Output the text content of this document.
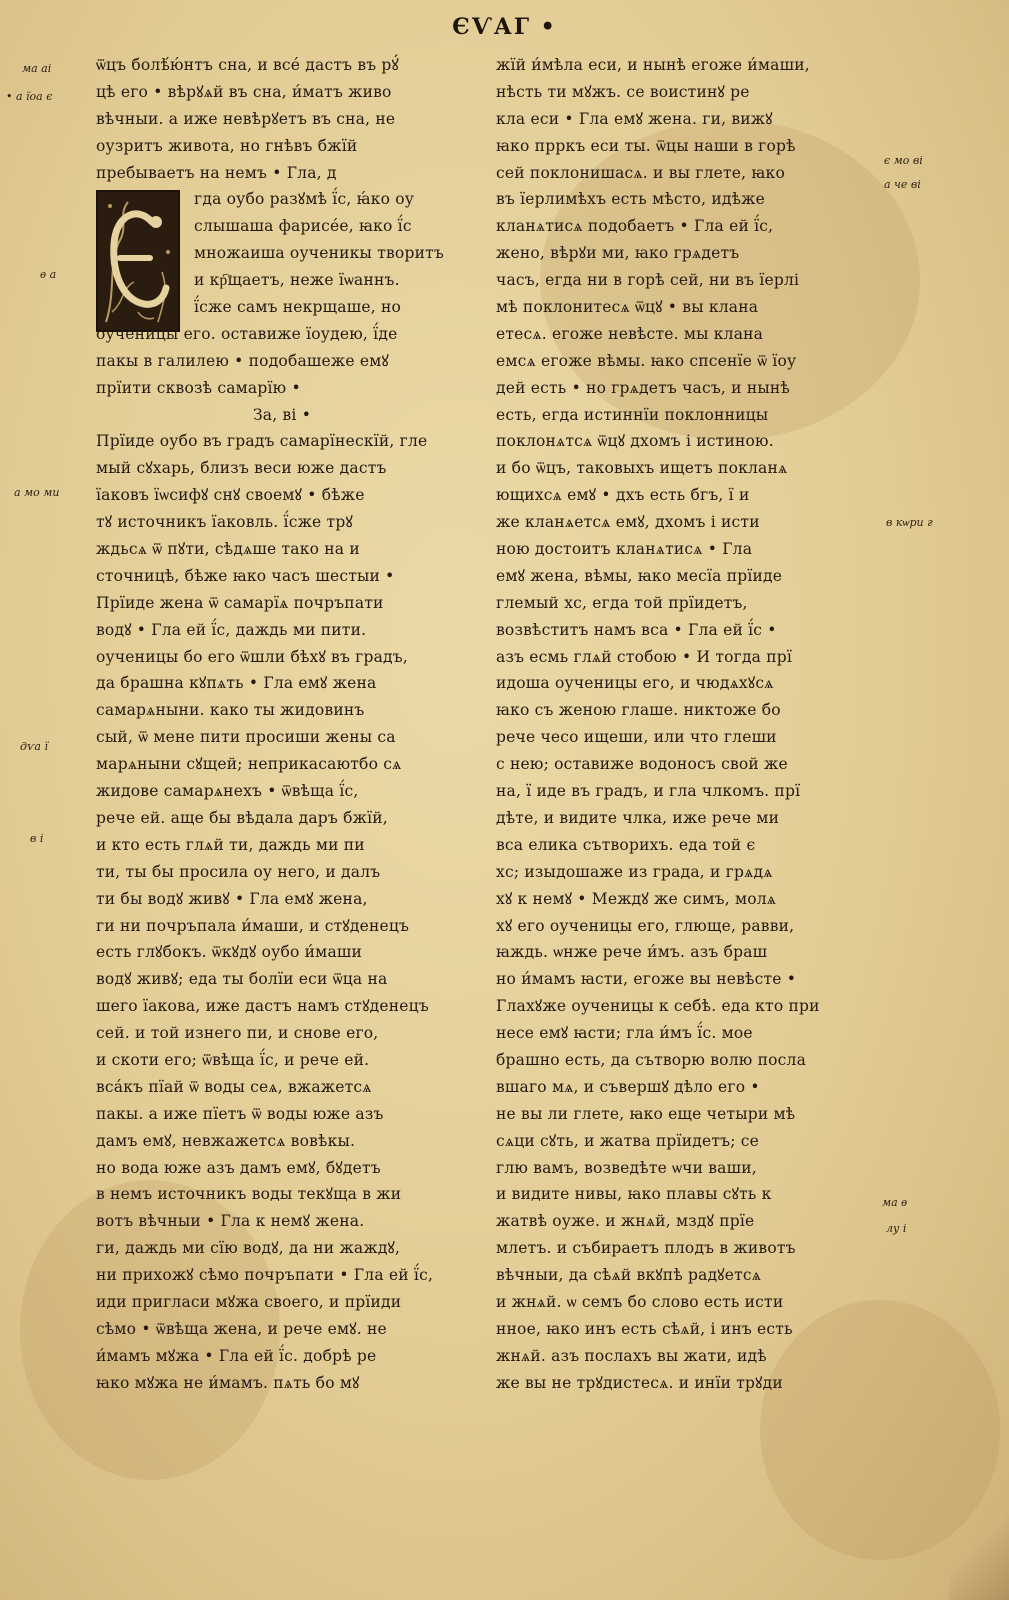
ЄѴАГ •
ѿцъ болѣ́ю́нтъ сна, и все́ дастъ въ рꙋ́
цѣ его • вѣрꙋѧй въ сна, и́матъ живо
вѣчныи. а иже невѣрꙋетъ въ сна, не
оузритъ живота, но гнѣвъ бжїй
пребываетъ на немъ • Гла, д
гда оубо разꙋмѣ ї́с, ꙗ́ко оу
слышаша фарисе́е, ꙗко ї́с
множаиша оученикы творитъ
и кр҇щаетъ, неже їѡаннъ.
ї́сже самъ некрщаше, но
оученицы его. оставиже їоудею, ї́де
пакы в галилею • подобашеже емꙋ
прїити сквозѣ самарїю •
За, ві •
Прїиде оубо въ градъ самарїнескїй, гле
мый сꙋхарь, близъ веси юже дастъ
їаковъ їѡсифꙋ снꙋ своемꙋ • бѣже
тꙋ источникъ їаковль. ї́сже трꙋ
ждьсѧ ѿ пꙋти, сѣдѧше тако на и
сточницѣ, бѣже ꙗко часъ шестыи •
Прїиде жена ѿ самарїѧ почръпати
водꙋ • Гла ей ї́с, даждь ми пити.
оученицы бо его ѿшли бѣхꙋ въ градъ,
да брашна кꙋпѧть • Гла емꙋ жена
самарѧныни. како ты жидовинъ
сый, ѿ мене пити просиши жены са
марѧныни сꙋщей; неприкасаютбо сѧ
жидове самарѧнехъ • ѿвѣща ї́с,
рече ей. аще бы вѣдала даръ бжїй,
и кто есть глѧй ти, даждь ми пи
ти, ты бы просила оу него, и далъ
ти бы водꙋ живꙋ • Гла емꙋ жена,
ги ни почръпала и́маши, и стꙋденецъ
есть глꙋбокъ. ѿкꙋдꙋ оубо и́маши
водꙋ живꙋ; еда ты болїи еси ѿца на
шего їакова, иже дастъ намъ стꙋденецъ
сей. и той изнего пи, и снове его,
и скоти его; ѿвѣща ї́с, и рече ей.
вса́къ пїай ѿ воды сеѧ, вжажетсѧ
пакы. а иже пїетъ ѿ воды юже азъ
дамъ емꙋ, невжажетсѧ вовѣкы.
но вода юже азъ дамъ емꙋ, бꙋдетъ
в немъ источникъ воды текꙋща в жи
вотъ вѣчныи • Гла к немꙋ жена.
ги, даждь ми сїю водꙋ, да ни жаждꙋ,
ни прихожꙋ сѣмо почръпати • Гла ей ї́с,
иди пригласи мꙋжа своего, и прїиди
сѣмо • ѿвѣща жена, и рече емꙋ. не
и́мамъ мꙋжа • Гла ей ї́с. добрѣ ре
ꙗко мꙋжа не и́мамъ. пѧть бо мꙋ
жїй и́мѣла еси, и нынѣ егоже и́маши,
нѣсть ти мꙋжъ. се воистинꙋ ре
кла еси • Гла емꙋ жена. ги, вижꙋ
ꙗко прркъ еси ты. ѿцы наши в горѣ
сей поклонишасѧ. и вы глете, ꙗко
въ їерлимѣхъ есть мѣсто, идѣже
кланѧтисѧ подобаетъ • Гла ей ї́с,
жено, вѣрꙋи ми, ꙗко грѧдетъ
часъ, егда ни в горѣ сей, ни въ їерлі
мѣ поклонитесѧ ѿцꙋ • вы клана
етесѧ. егоже невѣсте. мы клана
емсѧ егоже вѣмы. ꙗко спсенїе ѿ їоу
дей есть • но грѧдетъ часъ, и нынѣ
есть, егда истиннїи поклонницы
поклонѧтсѧ ѿцꙋ дхомъ і истиною.
и бо ѿцъ, таковыхъ ищетъ покланѧ
ющихсѧ емꙋ • дхъ есть бгъ, ї и
же кланѧетсѧ емꙋ, дхомъ і исти
ною достоитъ кланѧтисѧ • Гла
емꙋ жена, вѣмы, ꙗко месїа прїиде
глемый хс, егда той прїидетъ,
возвѣститъ намъ вса • Гла ей ї́с •
азъ есмь глѧй стобою • И тогда прї
идоша оученицы его, и чюдѧхꙋсѧ
ꙗко съ женою глаше. никтоже бо
рече чесо ищеши, или что глеши
с нею; оставиже водоносъ свой же
на, ї иде въ градъ, и гла члкомъ. прї
дѣте, и видите члка, иже рече ми
вса елика сътворихъ. еда той є
хс; изыдошаже из града, и грѧдѧ
хꙋ к немꙋ • Междꙋ же симъ, молѧ
хꙋ его оученицы его, глюще, равви,
ꙗждь. ѡнже рече и́мъ. азъ браш
но и́мамъ ꙗсти, егоже вы невѣсте •
Глахꙋже оученицы к себѣ. еда кто при
несе емꙋ ꙗсти; гла и́мъ ї́с. мое
брашно есть, да сътворю волю посла
вшаго мѧ, и съвершꙋ дѣло его •
не вы ли глете, ꙗко еще четыри мѣ
сѧци сꙋть, и жатва прїидетъ; се
глю вамъ, возведѣте ѡчи ваши,
и видите нивы, ꙗко плавы сꙋть к
жатвѣ оуже. и жнѧй, мздꙋ прїе
млетъ. и събираетъ плодъ в животъ
вѣчныи, да сѣѧй вкꙋпѣ радꙋетсѧ
и жнѧй. ѡ семъ бо слово есть исти
нное, ꙗко инъ есть сѣѧй, і инъ есть
жнѧй. азъ послахъ вы жати, идѣ
же вы не трꙋдистесѧ. и инїи трꙋди
ма аі
• а їоа є
ѳ а
а мо ми
дѵа ї
в і
є мо ві
а че ві
в кѡри г
ма ѳ
лу і
